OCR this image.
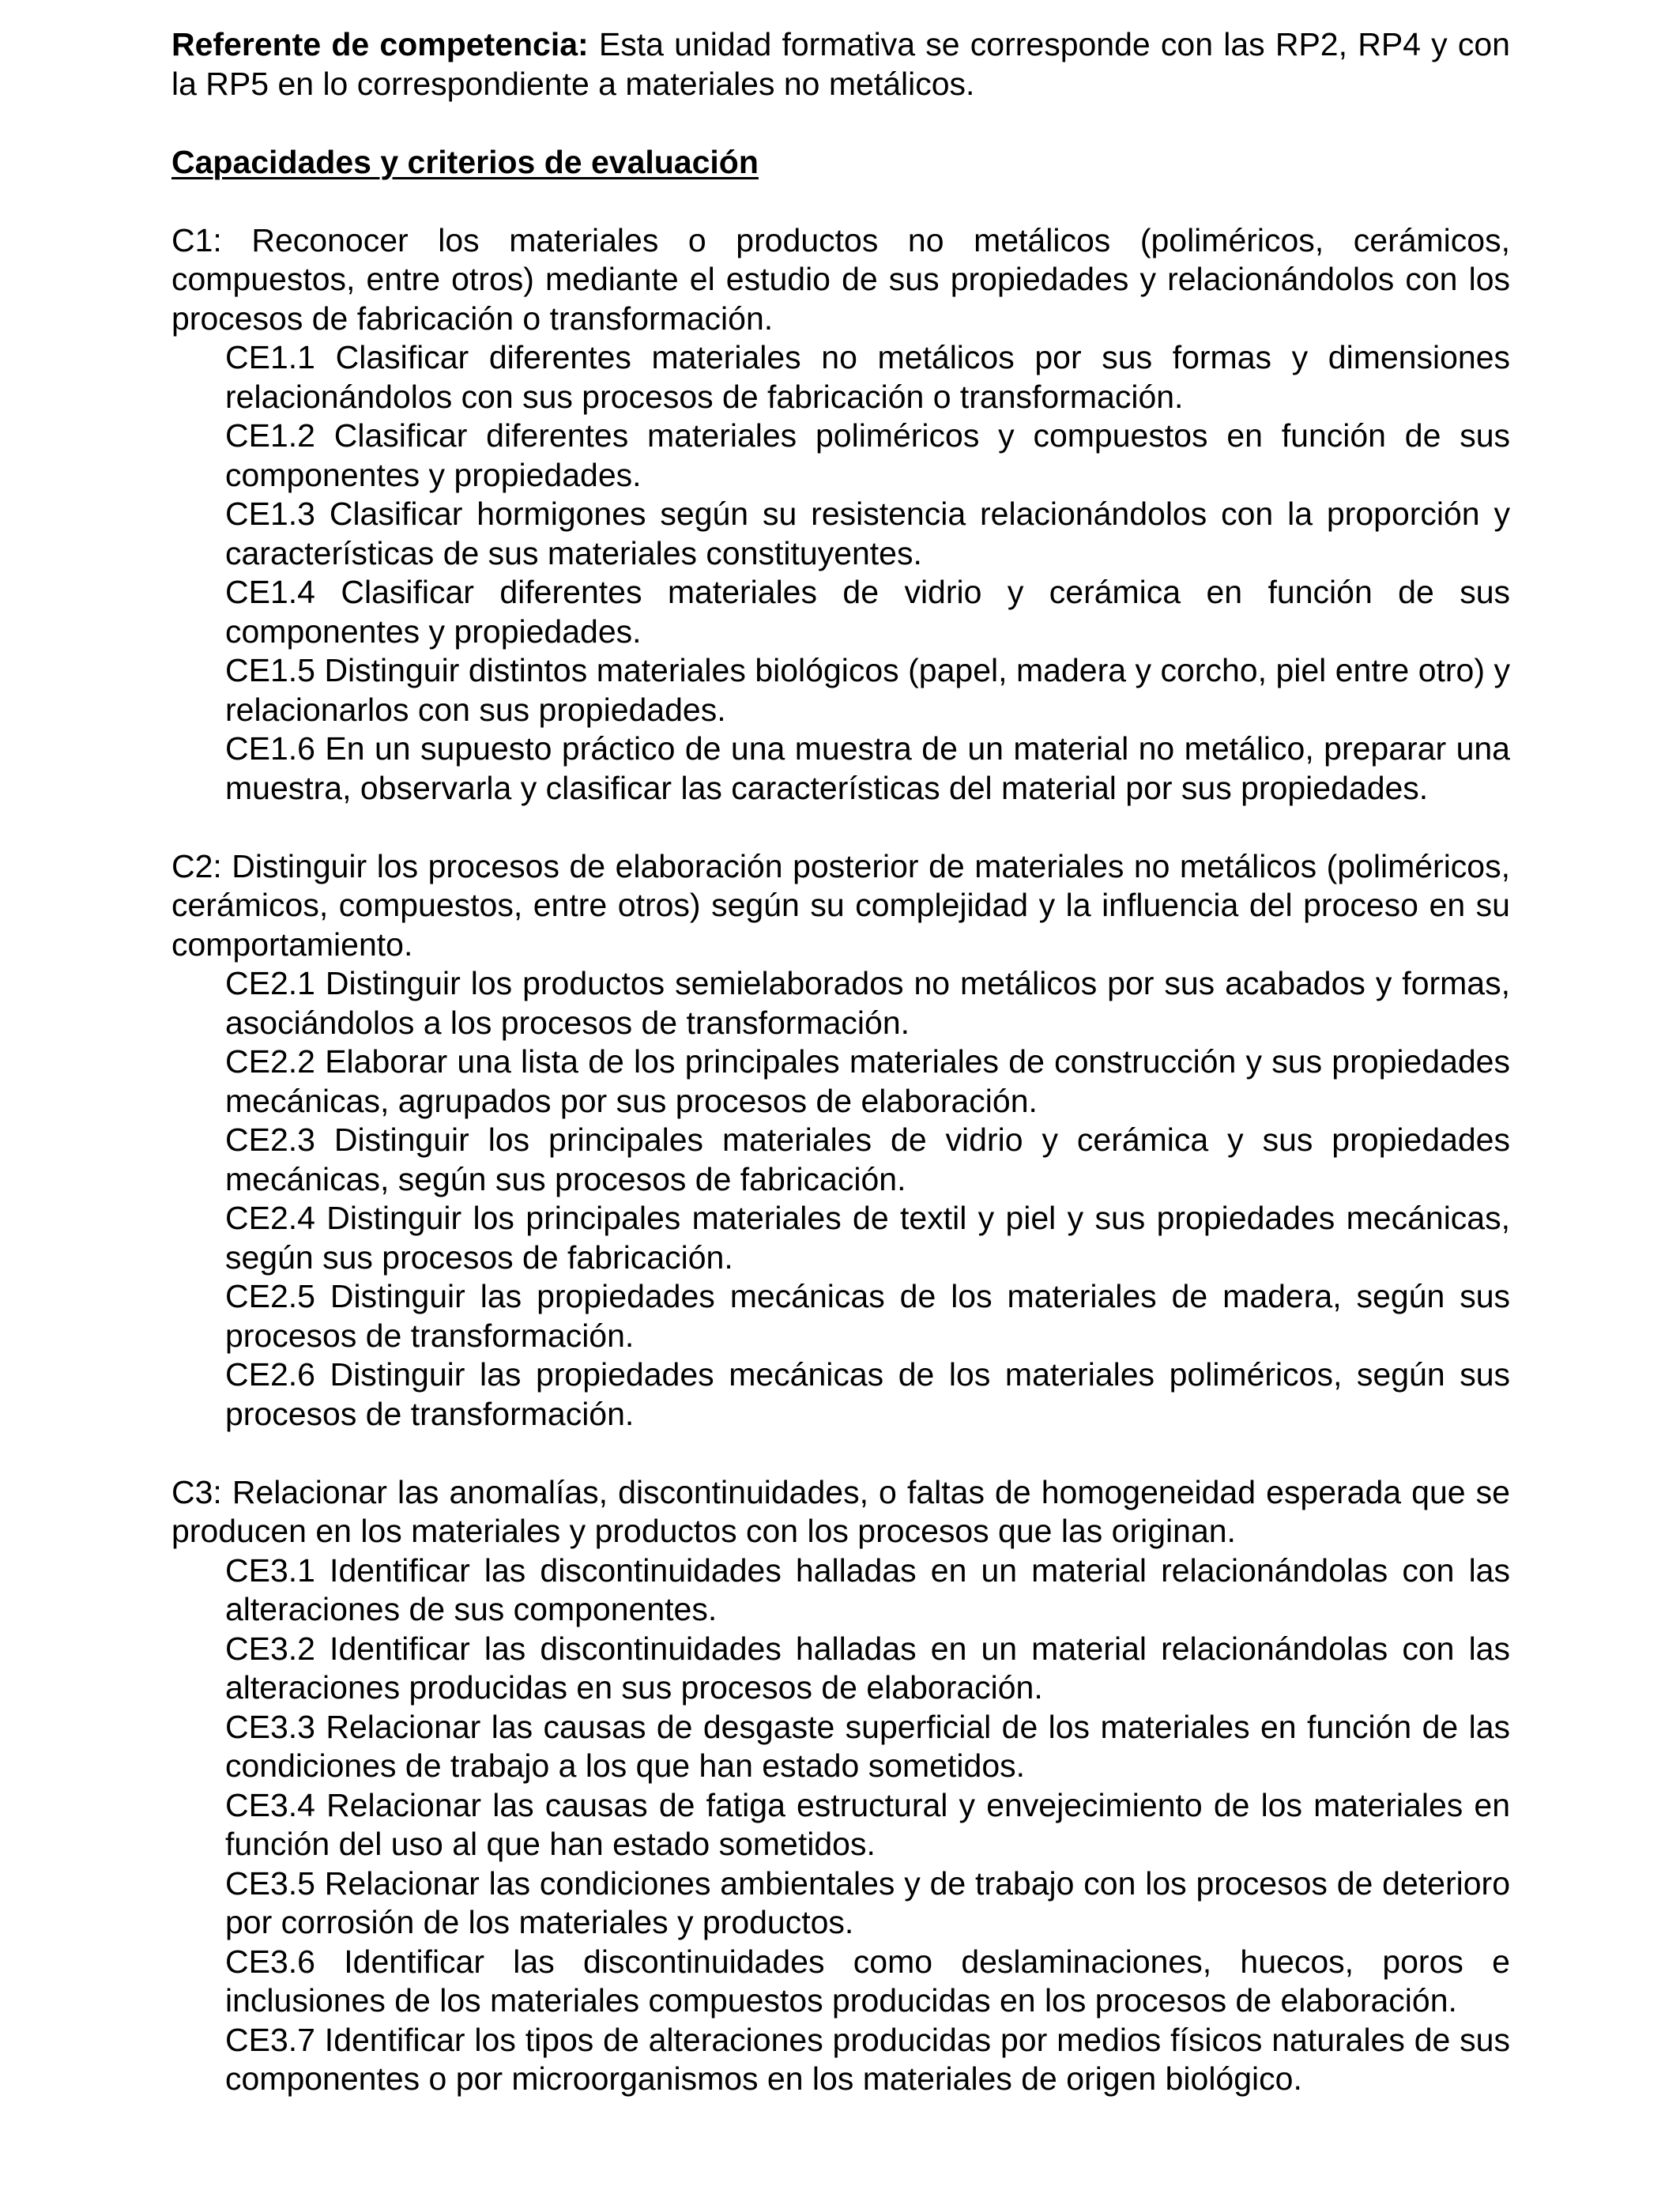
Referente de competencia: Esta unidad formativa se corresponde con las RP2, RP4 y con la RP5 en lo correspondiente a materiales no metálicos.

Capacidades y criterios de evaluación

C1: Reconocer los materiales o productos no metálicos (poliméricos, cerámicos, compuestos, entre otros) mediante el estudio de sus propiedades y relacionándolos con los procesos de fabricación o transformación.

CE1.1 Clasificar diferentes materiales no metálicos por sus formas y dimensiones relacionándolos con sus procesos de fabricación o transformación.
CE1.2 Clasificar diferentes materiales poliméricos y compuestos en función de sus componentes y propiedades.
CE1.3 Clasificar hormigones según su resistencia relacionándolos con la proporción y características de sus materiales constituyentes.
CE1.4 Clasificar diferentes materiales de vidrio y cerámica en función de sus componentes y propiedades.
CE1.5 Distinguir distintos materiales biológicos (papel, madera y corcho, piel entre otro) y relacionarlos con sus propiedades.
CE1.6 En un supuesto práctico de una muestra de un material no metálico, preparar una muestra, observarla y clasificar las características del material por sus propiedades.

C2: Distinguir los procesos de elaboración posterior de materiales no metálicos (poliméricos, cerámicos, compuestos, entre otros) según su complejidad y la influencia del proceso en su comportamiento.

CE2.1 Distinguir los productos semielaborados no metálicos por sus acabados y formas, asociándolos a los procesos de transformación.
CE2.2 Elaborar una lista de los principales materiales de construcción y sus propiedades mecánicas, agrupados por sus procesos de elaboración.
CE2.3 Distinguir los principales materiales de vidrio y cerámica y sus propiedades mecánicas, según sus procesos de fabricación.
CE2.4 Distinguir los principales materiales de textil y piel y sus propiedades mecánicas, según sus procesos de fabricación.
CE2.5 Distinguir las propiedades mecánicas de los materiales de madera, según sus procesos de transformación.
CE2.6 Distinguir las propiedades mecánicas de los materiales poliméricos, según sus procesos de transformación.

C3: Relacionar las anomalías, discontinuidades, o faltas de homogeneidad esperada que se producen en los materiales y productos con los procesos que las originan.

CE3.1 Identificar las discontinuidades halladas en un material relacionándolas con las alteraciones de sus componentes.
CE3.2 Identificar las discontinuidades halladas en un material relacionándolas con las alteraciones producidas en sus procesos de elaboración.
CE3.3 Relacionar las causas de desgaste superficial de los materiales en función de las condiciones de trabajo a los que han estado sometidos.
CE3.4 Relacionar las causas de fatiga estructural y envejecimiento de los materiales en función del uso al que han estado sometidos.
CE3.5 Relacionar las condiciones ambientales y de trabajo con los procesos de deterioro por corrosión de los materiales y productos.
CE3.6 Identificar las discontinuidades como deslaminaciones, huecos, poros e inclusiones de los materiales compuestos producidas en los procesos de elaboración.
CE3.7 Identificar los tipos de alteraciones producidas por medios físicos naturales de sus componentes o por microorganismos en los materiales de origen biológico.
